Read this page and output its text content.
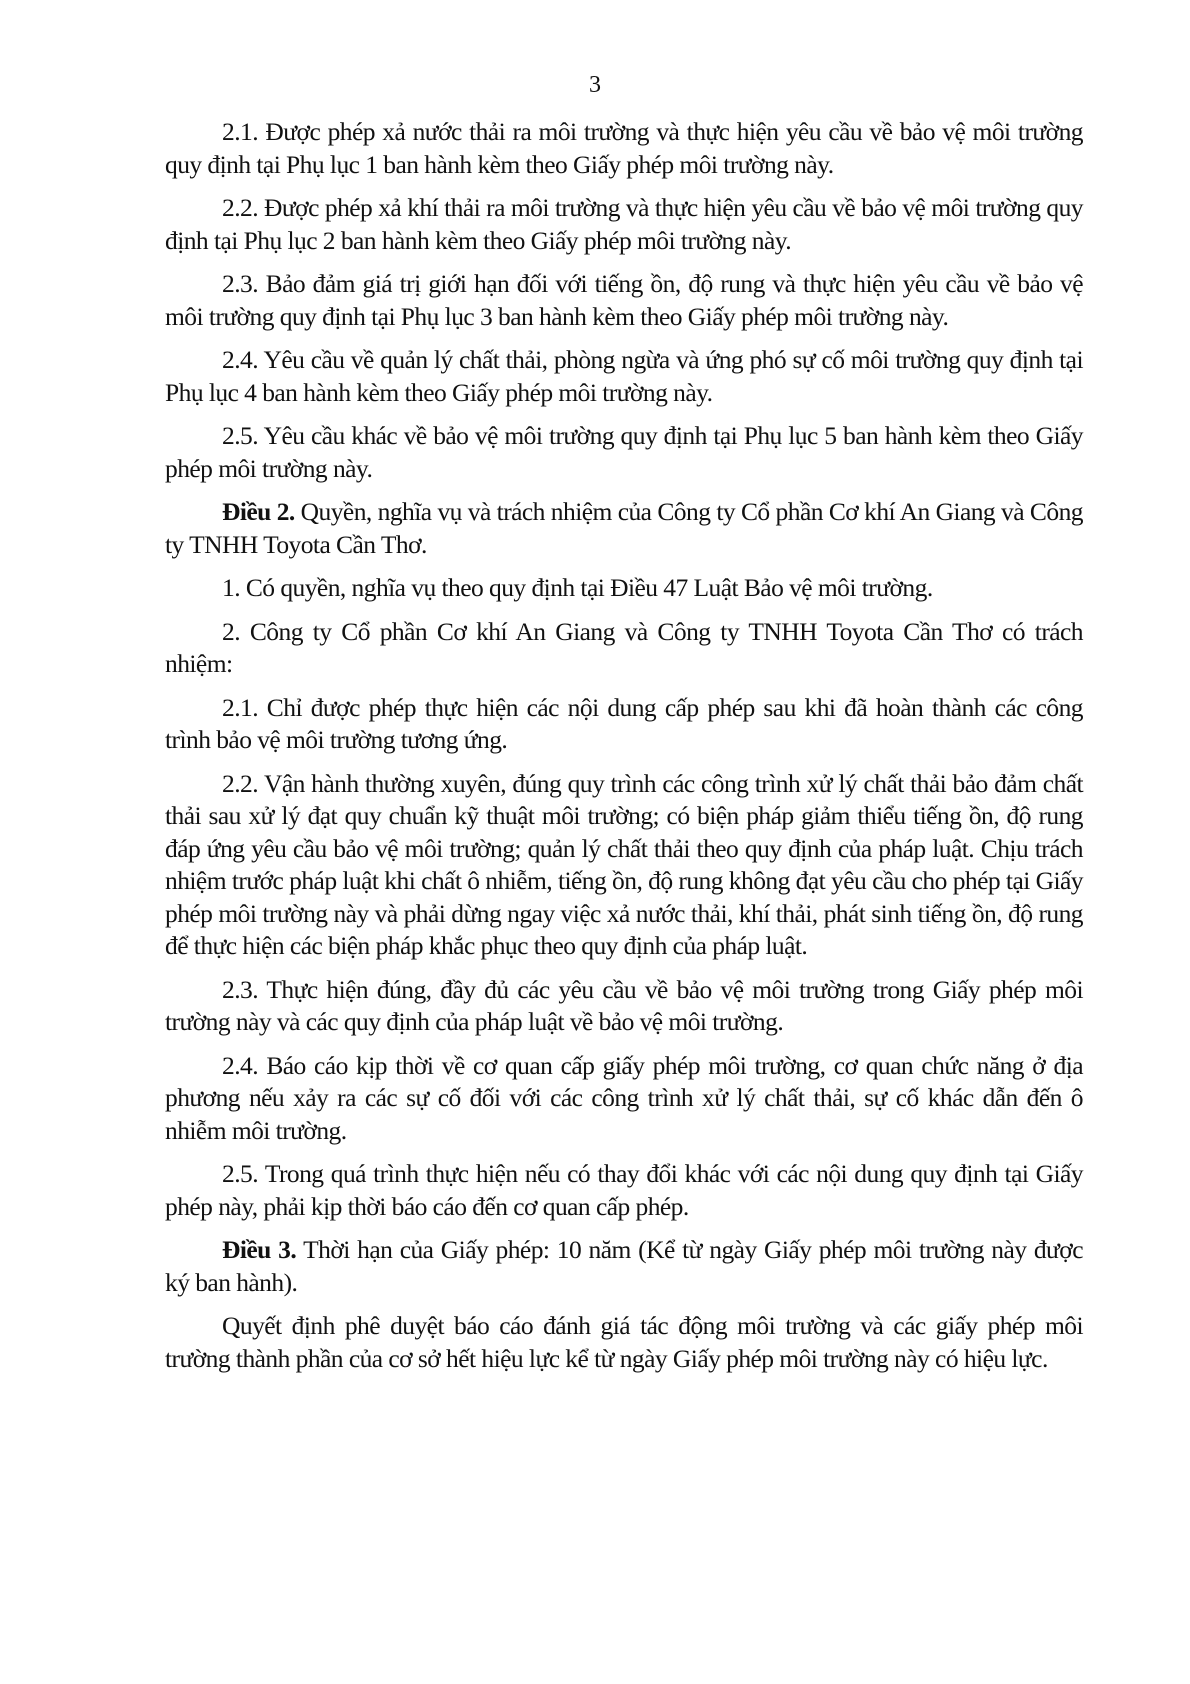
3

2.1. Được phép xả nước thải ra môi trường và thực hiện yêu cầu về bảo vệ môi trường quy định tại Phụ lục 1 ban hành kèm theo Giấy phép môi trường này.

2.2. Được phép xả khí thải ra môi trường và thực hiện yêu cầu về bảo vệ môi trường quy định tại Phụ lục 2 ban hành kèm theo Giấy phép môi trường này.

2.3. Bảo đảm giá trị giới hạn đối với tiếng ồn, độ rung và thực hiện yêu cầu về bảo vệ môi trường quy định tại Phụ lục 3 ban hành kèm theo Giấy phép môi trường này.

2.4. Yêu cầu về quản lý chất thải, phòng ngừa và ứng phó sự cố môi trường quy định tại Phụ lục 4 ban hành kèm theo Giấy phép môi trường này.

2.5. Yêu cầu khác về bảo vệ môi trường quy định tại Phụ lục 5 ban hành kèm theo Giấy phép môi trường này.

Điều 2. Quyền, nghĩa vụ và trách nhiệm của Công ty Cổ phần Cơ khí An Giang và Công ty TNHH Toyota Cần Thơ.

1. Có quyền, nghĩa vụ theo quy định tại Điều 47 Luật Bảo vệ môi trường.

2. Công ty Cổ phần Cơ khí An Giang và Công ty TNHH Toyota Cần Thơ có trách nhiệm:

2.1. Chỉ được phép thực hiện các nội dung cấp phép sau khi đã hoàn thành các công trình bảo vệ môi trường tương ứng.

2.2. Vận hành thường xuyên, đúng quy trình các công trình xử lý chất thải bảo đảm chất thải sau xử lý đạt quy chuẩn kỹ thuật môi trường; có biện pháp giảm thiểu tiếng ồn, độ rung đáp ứng yêu cầu bảo vệ môi trường; quản lý chất thải theo quy định của pháp luật. Chịu trách nhiệm trước pháp luật khi chất ô nhiễm, tiếng ồn, độ rung không đạt yêu cầu cho phép tại Giấy phép môi trường này và phải dừng ngay việc xả nước thải, khí thải, phát sinh tiếng ồn, độ rung để thực hiện các biện pháp khắc phục theo quy định của pháp luật.

2.3. Thực hiện đúng, đầy đủ các yêu cầu về bảo vệ môi trường trong Giấy phép môi trường này và các quy định của pháp luật về bảo vệ môi trường.

2.4. Báo cáo kịp thời về cơ quan cấp giấy phép môi trường, cơ quan chức năng ở địa phương nếu xảy ra các sự cố đối với các công trình xử lý chất thải, sự cố khác dẫn đến ô nhiễm môi trường.

2.5. Trong quá trình thực hiện nếu có thay đổi khác với các nội dung quy định tại Giấy phép này, phải kịp thời báo cáo đến cơ quan cấp phép.

Điều 3. Thời hạn của Giấy phép: 10 năm (Kể từ ngày Giấy phép môi trường này được ký ban hành).

Quyết định phê duyệt báo cáo đánh giá tác động môi trường và các giấy phép môi trường thành phần của cơ sở hết hiệu lực kể từ ngày Giấy phép môi trường này có hiệu lực.
